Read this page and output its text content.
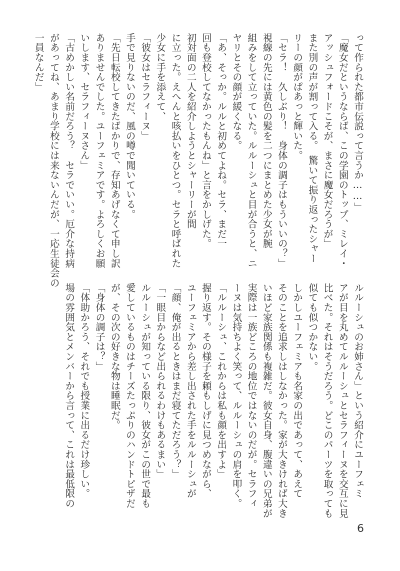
って作られた都市伝説って言うか……」
「魔女だというならば、この学園のトップ、ミレイ・
アッシュフォードこそが、まさに魔女だろうが」
また別の声が割って入る。　驚いて振り返ったシャー
リーの顔がぱあっと輝いた。
「セラ！　久しぶり！　身体の調子はもういいの？」
視線の先には黄色の髪を二つにまとめた少女が腕
組みをして立っていた。ルルーシュと目が合うと、ニ
ヤリとその顔が緩くなる。
「あ、そっか。ルルと初めてよね。セラ、まだ一
回も登校してなかったもんね」と言をかしげた。
初対面の二人を紹介しようとシャーリーが間
に立った。えへんと咳払いをひとつ。セラと呼ばれた
少女に手を添えて、
「彼女はセラフィーヌ」
手で見りないのだ、風の噂で聞いている。
「先日転校してきたばかりで、存知あげなくて申し訳
ありませんでした。ユーフェミアです。よろしくお願
いします、セラフィーヌさん」
「古めかしい名前だろう？　セラでいい。厄介な持病
があってね、あまり学校には来ないんだが、一応生徒会の
一員なんだ」
ルルーシュのお姉さん」という紹介にユーフェミ
アが目を丸めてルルーシュとセラフィーヌを交互に見
比べた。それはそうだろう。どこのパーツを取っても
似ても似つかない。
しかしユーフェミアも名家の出であって、あえて
そのことを追求しはしなかった。家が大きければ大き
いほど家族関係も複雑だ。彼女自身、腹違いの兄弟が
実際は一族どころの地位ではないのだが。セラフィ
ーヌは気持ちよく笑って、ルルーシュの肩を叩く。
「ルルーシュ、これからは私も顔を出すよ」
握り返す。その様子を頼もしげに見つめながら、
ユーフェミアから差し出された手をルルーシュが
「顔、俺が出るときはまだ寝てただろう？」
「一眼目からなど出られるわけもあるまい」
ルルーシュが知っている限り、彼女がこの世で最も
愛しているものはチーズたっぷりのハンドトピザだ
が、その次の好きな物は睡眠だ。
「身体の調子は？」
「体助かろう、それでも授業に出るだけ珍しい。
場の雰囲気とメンバーから言って、これは最低限の
6
